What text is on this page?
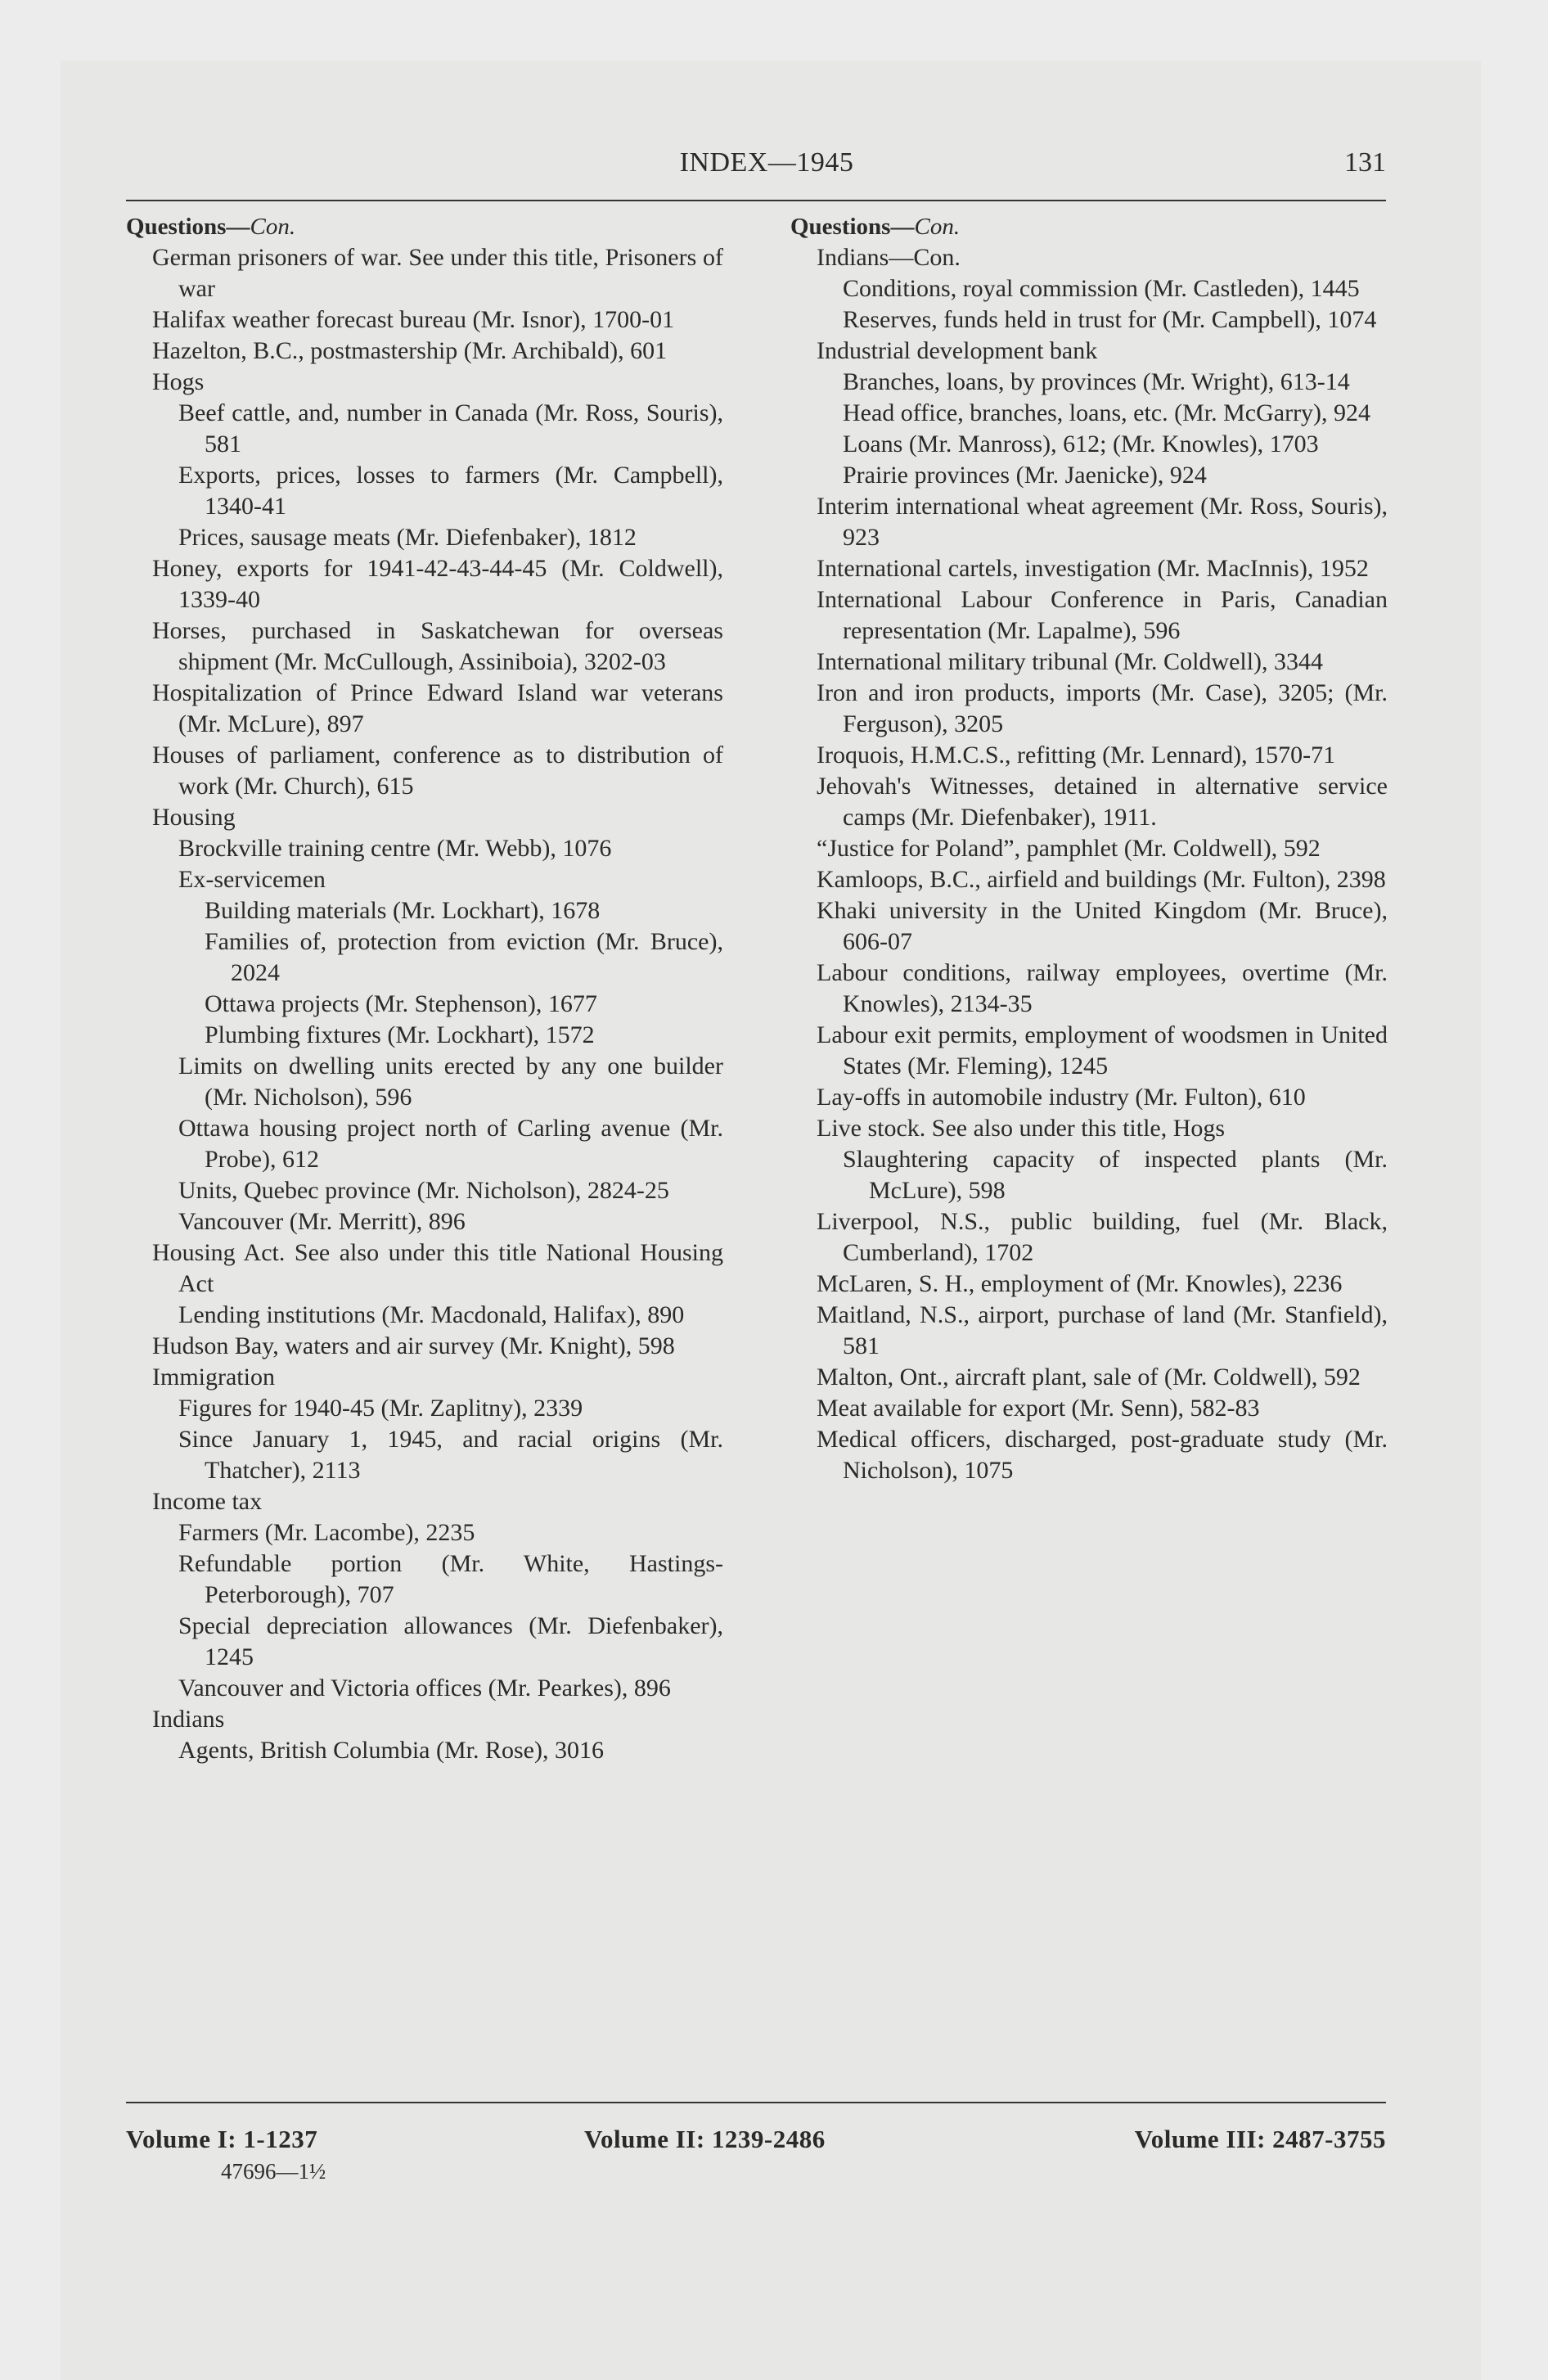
INDEX—1945	131

Questions—Con.

German prisoners of war. See under this title, Prisoners of war

Halifax weather forecast bureau (Mr. Isnor), 1700-01

Hazelton, B.C., postmastership (Mr. Archibald), 601

Hogs

Beef cattle, and, number in Canada (Mr. Ross, Souris), 581

Exports, prices, losses to farmers (Mr. Campbell), 1340-41

Prices, sausage meats (Mr. Diefenbaker), 1812

Honey, exports for 1941-42-43-44-45 (Mr. Coldwell), 1339-40

Horses, purchased in Saskatchewan for overseas shipment (Mr. McCullough, Assiniboia), 3202-03

Hospitalization of Prince Edward Island war veterans (Mr. McLure), 897

Houses of parliament, conference as to distribution of work (Mr. Church), 615

Housing

Brockville training centre (Mr. Webb), 1076

Ex-servicemen

Building materials (Mr. Lockhart), 1678

Families of, protection from eviction (Mr. Bruce), 2024

Ottawa projects (Mr. Stephenson), 1677

Plumbing fixtures (Mr. Lockhart), 1572

Limits on dwelling units erected by any one builder (Mr. Nicholson), 596

Ottawa housing project north of Carling avenue (Mr. Probe), 612

Units, Quebec province (Mr. Nicholson), 2824-25

Vancouver (Mr. Merritt), 896

Housing Act. See also under this title National Housing Act

Lending institutions (Mr. Macdonald, Halifax), 890

Hudson Bay, waters and air survey (Mr. Knight), 598

Immigration

Figures for 1940-45 (Mr. Zaplitny), 2339

Since January 1, 1945, and racial origins (Mr. Thatcher), 2113

Income tax

Farmers (Mr. Lacombe), 2235

Refundable portion (Mr. White, Hastings-Peterborough), 707

Special depreciation allowances (Mr. Diefenbaker), 1245

Vancouver and Victoria offices (Mr. Pearkes), 896

Indians

Agents, British Columbia (Mr. Rose), 3016

Questions—Con.

Indians—Con.

Conditions, royal commission (Mr. Castleden), 1445

Reserves, funds held in trust for (Mr. Campbell), 1074

Industrial development bank

Branches, loans, by provinces (Mr. Wright), 613-14

Head office, branches, loans, etc. (Mr. McGarry), 924

Loans (Mr. Manross), 612; (Mr. Knowles), 1703

Prairie provinces (Mr. Jaenicke), 924

Interim international wheat agreement (Mr. Ross, Souris), 923

International cartels, investigation (Mr. MacInnis), 1952

International Labour Conference in Paris, Canadian representation (Mr. Lapalme), 596

International military tribunal (Mr. Coldwell), 3344

Iron and iron products, imports (Mr. Case), 3205; (Mr. Ferguson), 3205

Iroquois, H.M.C.S., refitting (Mr. Lennard), 1570-71

Jehovah's Witnesses, detained in alternative service camps (Mr. Diefenbaker), 1911.

“Justice for Poland”, pamphlet (Mr. Coldwell), 592

Kamloops, B.C., airfield and buildings (Mr. Fulton), 2398

Khaki university in the United Kingdom (Mr. Bruce), 606-07

Labour conditions, railway employees, overtime (Mr. Knowles), 2134-35

Labour exit permits, employment of woodsmen in United States (Mr. Fleming), 1245

Lay-offs in automobile industry (Mr. Fulton), 610

Live stock. See also under this title, Hogs

Slaughtering capacity of inspected plants (Mr. McLure), 598

Liverpool, N.S., public building, fuel (Mr. Black, Cumberland), 1702

McLaren, S. H., employment of (Mr. Knowles), 2236

Maitland, N.S., airport, purchase of land (Mr. Stanfield), 581

Malton, Ont., aircraft plant, sale of (Mr. Coldwell), 592

Meat available for export (Mr. Senn), 582-83

Medical officers, discharged, post-graduate study (Mr. Nicholson), 1075

Volume I: 1-1237	Volume II: 1239-2486	Volume III: 2487-3755
47696—1½
